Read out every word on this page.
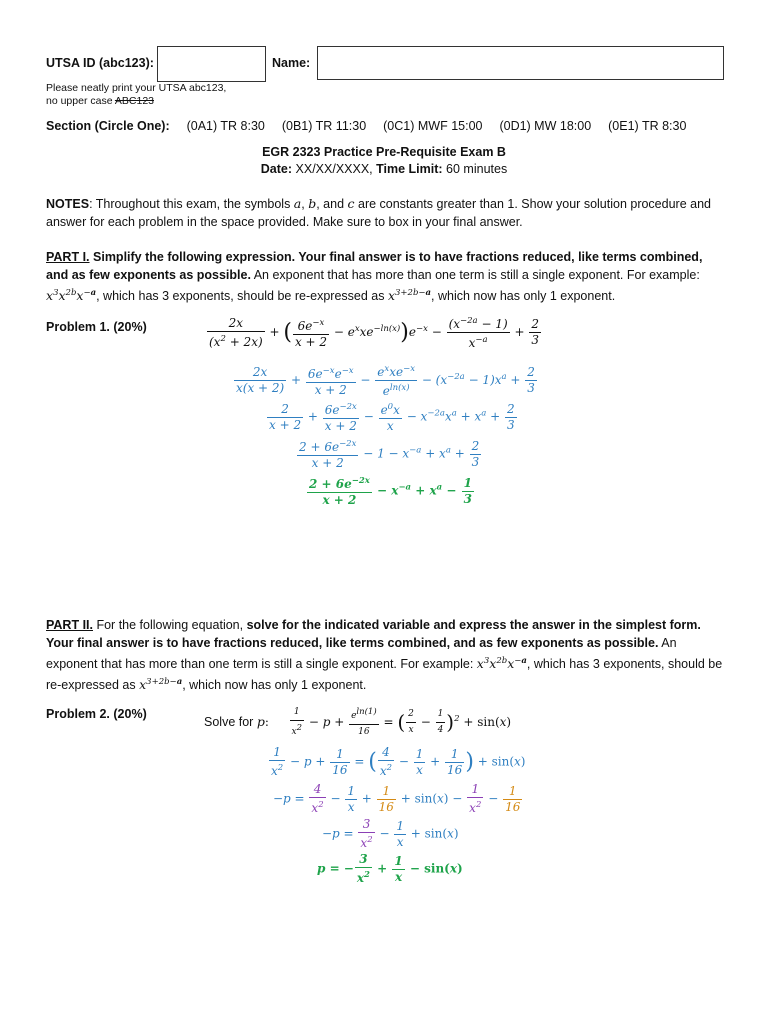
UTSA ID (abc123):	Name:
Please neatly print your UTSA abc123,
no upper case ABC123
Section (Circle One): (0A1) TR 8:30 (0B1) TR 11:30 (0C1) MWF 15:00 (0D1) MW 18:00 (0E1) TR 8:30
EGR 2323 Practice Pre-Requisite Exam B
Date: XX/XX/XXXX, Time Limit: 60 minutes
NOTES: Throughout this exam, the symbols a, b, and c are constants greater than 1. Show your solution procedure and answer for each problem in the space provided. Make sure to box in your final answer.
PART I. Simplify the following expression. Your final answer is to have fractions reduced, like terms combined, and as few exponents as possible. An exponent that has more than one term is still a single exponent. For example: $x^3x^{2b}x^{-a}$, which has 3 exponents, should be re-expressed as $x^{3+2b-a}$, which now has only 1 exponent.
Problem 1. (20%)	$\frac{2x}{(x^2 + 2x)}$ + ( $\frac{6e^{-x}}{x + 2} - e^xxe^{-ln(x)})e^{-x} - \frac{(x^{-2a} - 1)}{x^{-a}} + \frac{2}{3}$
$\frac{2x}{x(x + 2)} + \frac{6e^{-x}e^{-x}}{x + 2} - \frac{e^xxe^{-x}}{e^{ln(x)}} - (x^{-2a} - 1)x^a + \frac{2}{3}$
$\frac{2}{x + 2} + \frac{6e^{-2x}}{x + 2} - \frac{e^0x}{x} - x^{-2a}x^a + x^a + \frac{2}{3}$
$\frac{2 + 6e^{-2x}}{x + 2} - 1 - x^{-a} + x^a + \frac{2}{3}$
$\frac{2 + 6e^{-2x}}{x + 2} - x^{-a} + x^a - \frac{1}{3}$
PART II. For the following equation, solve for the indicated variable and express the answer in the simplest form. Your final answer is to have fractions reduced, like terms combined, and as few exponents as possible. An exponent that has more than one term is still a single exponent. For example: $x^3x^{2b}x^{-a}$, which has 3 exponents, should be re-expressed as $x^{3+2b-a}$, which now has only 1 exponent.
Problem 2. (20%)
Solve for p: $\frac{1}{x^2} - p + \frac{e^{ln(1)}}{16}$ = ( $\frac{2}{x} - \frac{1}{4} )^2 + \sin(x)$
$\frac{1}{x^2} - p + \frac{1}{16}$ = ( $\frac{4}{x^2} - \frac{1}{x} + \frac{1}{16}$ ) + sin(x)
$-p = \frac{4}{x^2} - \frac{1}{x} + \frac{1}{16} + \sin(x) - \frac{1}{x^2} - \frac{1}{16}$
$-p = \frac{3}{x^2} - \frac{1}{x} + \sin(x)$
p = − $\frac{3}{x^2} + \frac{1}{x} - \sin(x)$
